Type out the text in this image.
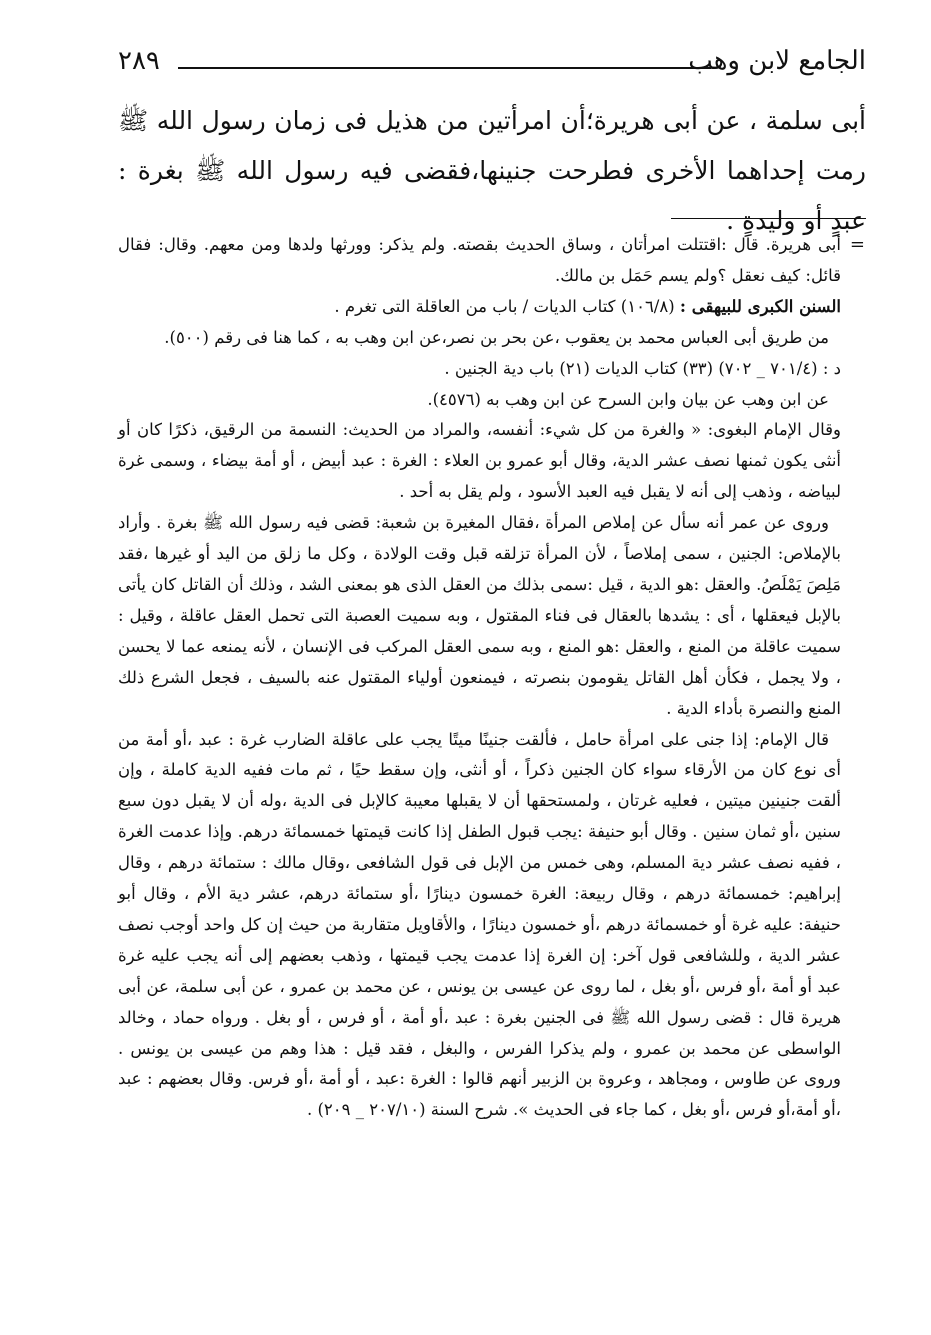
الجامع لابن وهب
٢٨٩

أبى سلمة ، عن أبى هريرة؛أن امرأتين من هذيل فى زمان رسول الله ﷺ رمت إحداهما الأخرى فطرحت جنينها،فقضى فيه رسول الله ﷺ بغرة : عبدٍ أو وليدةٍ .

=

أبى هريرة. قال :اقتتلت امرأتان ، وساق الحديث بقصته. ولم يذكر: وورثها ولدها ومن معهم. وقال: فقال قائل: كيف نعقل ؟ولم يسم حَمَل بن مالك.

السنن الكبرى للبيهقى : (١٠٦/٨) كتاب الديات / باب من العاقلة التى تغرم .

من طريق أبى العباس محمد بن يعقوب ،عن بحر بن نصر،عن ابن وهب به ، كما هنا فى رقم (٥٠٠).

د : (٧٠١/٤ _ ٧٠٢) (٣٣) كتاب الديات (٢١) باب دية الجنين .

عن ابن وهب عن بيان وابن السرح عن ابن وهب به (٤٥٧٦).

وقال الإمام البغوى: « والغرة من كل شيء: أنفسه، والمراد من الحديث: النسمة من الرقيق، ذكرًا كان أو أنثى يكون ثمنها نصف عشر الدية، وقال أبو عمرو بن العلاء : الغرة : عبد أبيض ، أو أمة بيضاء ، وسمى غرة لبياضه ، وذهب إلى أنه لا يقبل فيه العبد الأسود ، ولم يقل به أحد .

وروى عن عمر أنه سأل عن إملاص المرأة ،فقال المغيرة بن شعبة: قضى فيه رسول الله ﷺ بغرة . وأراد بالإملاص: الجنين ، سمى إملاصاً ، لأن المرأة تزلقه قبل وقت الولادة ، وكل ما زلق من اليد أو غيرها ،فقد مَلِصَ يَمْلَصُ. والعقل :هو الدية ، قيل :سمى بذلك من العقل الذى هو بمعنى الشد ، وذلك أن القاتل كان يأتى بالإبل فيعقلها ، أى : يشدها بالعقال فى فناء المقتول ، وبه سميت العصبة التى تحمل العقل عاقلة ، وقيل : سميت عاقلة من المنع ، والعقل :هو المنع ، وبه سمى العقل المركب فى الإنسان ، لأنه يمنعه عما لا يحسن ، ولا يجمل ، فكأن أهل القاتل يقومون بنصرته ، فيمنعون أولياء المقتول عنه بالسيف ، فجعل الشرع ذلك المنع والنصرة بأداء الدية .

قال الإمام: إذا جنى على امرأة حامل ، فألقت جنينًا ميتًا يجب على عاقلة الضارب غرة : عبد ،أو أمة من أى نوع كان من الأرقاء سواء كان الجنين ذكراً ، أو أنثى، وإن سقط حيًا ، ثم مات ففيه الدية كاملة ، وإن ألقت جنينين ميتين ، فعليه غرتان ، ولمستحقها أن لا يقبلها معيبة كالإبل فى الدية ،وله أن لا يقبل دون سبع سنين ،أو ثمان سنين . وقال أبو حنيفة :يجب قبول الطفل إذا كانت قيمتها خمسمائة درهم. وإذا عدمت الغرة ، ففيه نصف عشر دية المسلم، وهى خمس من الإبل فى قول الشافعى ،وقال مالك : ستمائة درهم ، وقال إبراهيم: خمسمائة درهم ، وقال ربيعة: الغرة خمسون دينارًا ،أو ستمائة درهم، عشر دية الأم ، وقال أبو حنيفة: عليه غرة أو خمسمائة درهم ،أو خمسون دينارًا ، والأقاويل متقاربة من حيث إن كل واحد أوجب نصف عشر الدية ، وللشافعى قول آخر: إن الغرة إذا عدمت يجب قيمتها ، وذهب بعضهم إلى أنه يجب عليه غرة عبد أو أمة ،أو فرس ،أو بغل ، لما روى عن عيسى بن يونس ، عن محمد بن عمرو ، عن أبى سلمة، عن أبى هريرة قال : قضى رسول الله ﷺ فى الجنين بغرة : عبد ،أو أمة ، أو فرس ، أو بغل . ورواه حماد ، وخالد الواسطى عن محمد بن عمرو ، ولم يذكرا الفرس ، والبغل ، فقد قيل : هذا وهم من عيسى بن يونس . وروى عن طاوس ، ومجاهد ، وعروة بن الزبير أنهم قالوا : الغرة :عبد ، أو أمة ،أو فرس. وقال بعضهم : عبد ،أو أمة،أو فرس ،أو بغل ، كما جاء فى الحديث ». شرح السنة (٢٠٧/١٠ _ ٢٠٩) .
